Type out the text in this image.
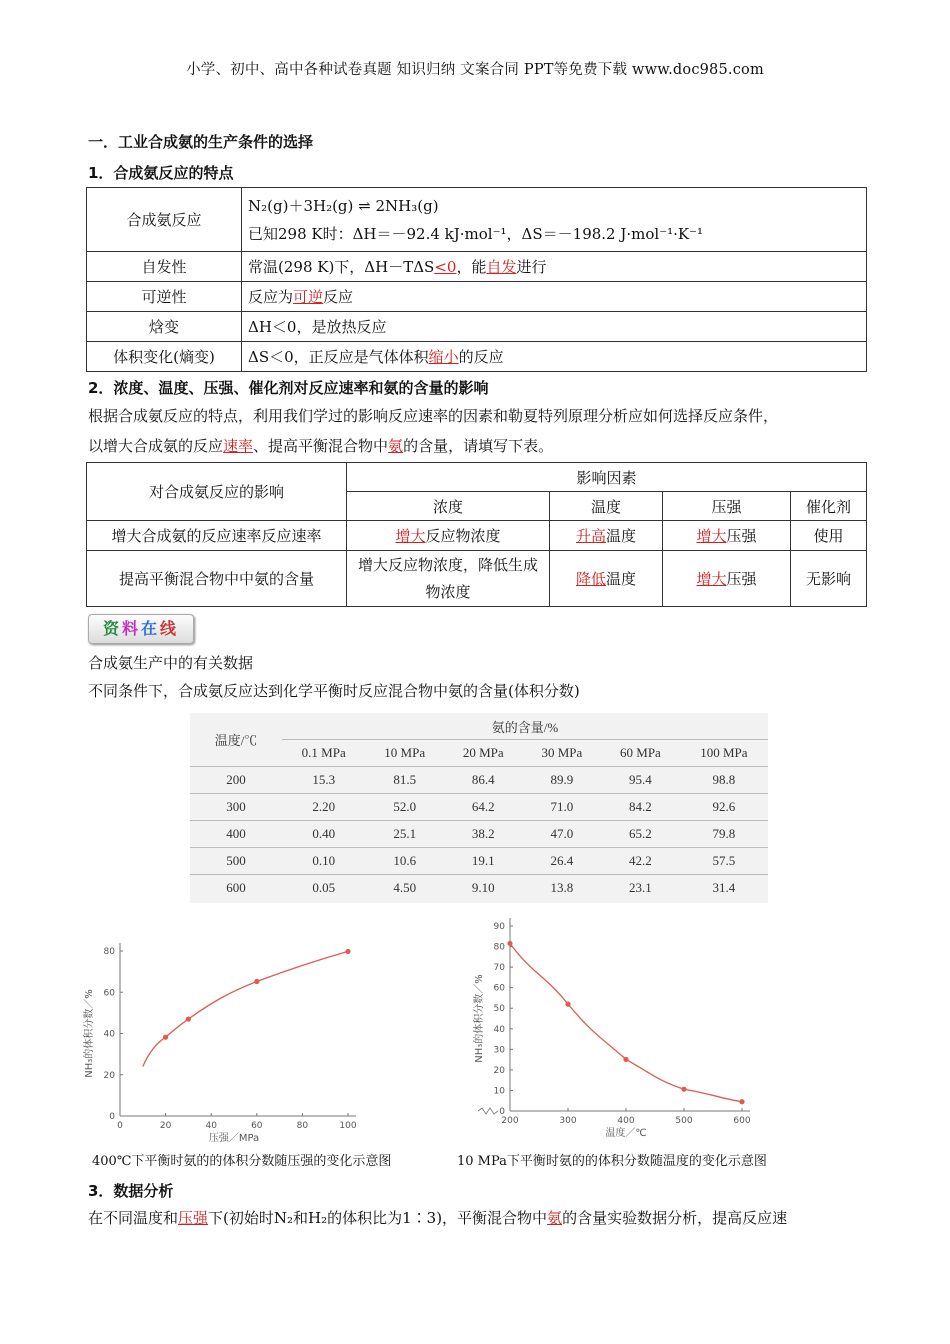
小学、初中、高中各种试卷真题 知识归纳 文案合同 PPT等免费下载 www.doc985.com
一．工业合成氨的生产条件的选择
1．合成氨反应的特点
合成氨反应	N₂(g)＋3H₂(g) ⇌ 2NH₃(g)
已知298 K时：ΔH＝－92.4 kJ·mol⁻¹，ΔS＝－198.2 J·mol⁻¹·K⁻¹

自发性	常温(298 K)下，ΔH－TΔS<0，能自发进行
可逆性	反应为可逆反应
焓变	ΔH＜0，是放热反应
体积变化(熵变)	ΔS＜0，正反应是气体体积缩小的反应
2．浓度、温度、压强、催化剂对反应速率和氨的含量的影响
根据合成氨反应的特点，利用我们学过的影响反应速率的因素和勒夏特列原理分析应如何选择反应条件，
以增大合成氨的反应速率、提高平衡混合物中氨的含量，请填写下表。
对合成氨反应的影响	影响因素			
	浓度	温度	压强	催化剂
增大合成氨的反应速率反应速率	增大反应物浓度	升高温度	增大压强	使用
提高平衡混合物中中氨的含量	增大反应物浓度，降低生成物浓度	降低温度	增大压强	无影响
资料在线
合成氨生产中的有关数据
不同条件下，合成氨反应达到化学平衡时反应混合物中氨的含量(体积分数)
温度/℃	氨的含量/%					
	0.1 MPa	10 MPa	20 MPa	30 MPa	60 MPa	100 MPa
200	15.3	81.5	86.4	89.9	95.4	98.8
300	2.20	52.0	64.2	71.0	84.2	92.6
400	0.40	25.1	38.2	47.0	65.2	79.8
500	0.10	10.6	19.1	26.4	42.2	57.5
600	0.05	4.50	9.10	13.8	23.1	31.4
0	20	40	60	80	100
0
20
40
60
80
压强／MPa
NH₃的体积分数／%
200	300	400	500	600
0
10
20
30
40
50
60
70
80
90
温度／℃
NH₃的体积分数／%
400℃下平衡时氨的的体积分数随压强的变化示意图	10 MPa下平衡时氨的的体积分数随温度的变化示意图
3．数据分析
在不同温度和压强下(初始时N₂和H₂的体积比为1∶3)，平衡混合物中氨的含量实验数据分析，提高反应速
